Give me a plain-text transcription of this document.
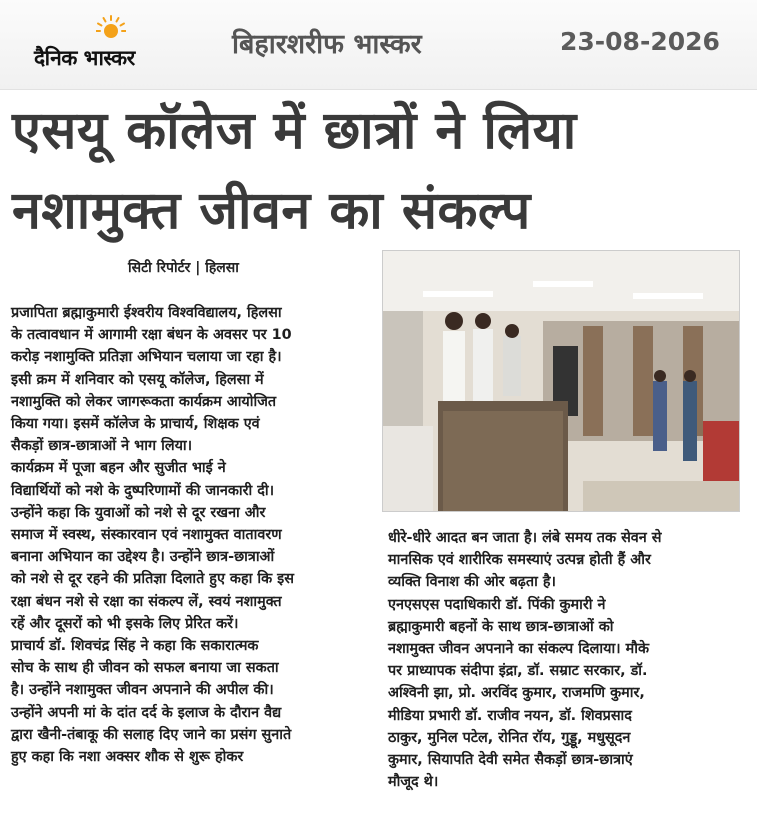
दैनिक भास्कर	बिहारशरीफ भास्कर	23-08-2026
एसयू कॉलेज में छात्रों ने लिया
नशामुक्त जीवन का संकल्प
सिटी रिपोर्टर | हिलसा

प्रजापिता ब्रह्माकुमारी ईश्वरीय विश्वविद्यालय, हिलसा

के तत्वावधान में आगामी रक्षा बंधन के अवसर पर 10

करोड़ नशामुक्ति प्रतिज्ञा अभियान चलाया जा रहा है।

इसी क्रम में शनिवार को एसयू कॉलेज, हिलसा में

नशामुक्ति को लेकर जागरूकता कार्यक्रम आयोजित

किया गया। इसमें कॉलेज के प्राचार्य, शिक्षक एवं

सैकड़ों छात्र-छात्राओं ने भाग लिया।

कार्यक्रम में पूजा बहन और सुजीत भाई ने

विद्यार्थियों को नशे के दुष्परिणामों की जानकारी दी।

उन्होंने कहा कि युवाओं को नशे से दूर रखना और

समाज में स्वस्थ, संस्कारवान एवं नशामुक्त वातावरण

बनाना अभियान का उद्देश्य है। उन्होंने छात्र-छात्राओं

को नशे से दूर रहने की प्रतिज्ञा दिलाते हुए कहा कि इस

रक्षा बंधन नशे से रक्षा का संकल्प लें, स्वयं नशामुक्त

रहें और दूसरों को भी इसके लिए प्रेरित करें।

प्राचार्य डॉ. शिवचंद्र सिंह ने कहा कि सकारात्मक

सोच के साथ ही जीवन को सफल बनाया जा सकता

है। उन्होंने नशामुक्त जीवन अपनाने की अपील की।

उन्होंने अपनी मां के दांत दर्द के इलाज के दौरान वैद्य

द्वारा खैनी-तंबाकू की सलाह दिए जाने का प्रसंग सुनाते

हुए कहा कि नशा अक्सर शौक से शुरू होकर

धीरे-धीरे आदत बन जाता है। लंबे समय तक सेवन से

मानसिक एवं शारीरिक समस्याएं उत्पन्न होती हैं और

व्यक्ति विनाश की ओर बढ़ता है।

एनएसएस पदाधिकारी डॉ. पिंकी कुमारी ने

ब्रह्माकुमारी बहनों के साथ छात्र-छात्राओं को

नशामुक्त जीवन अपनाने का संकल्प दिलाया। मौके

पर प्राध्यापक संदीपा इंद्रा, डॉ. सम्राट सरकार, डॉ.

अश्विनी झा, प्रो. अरविंद कुमार, राजमणि कुमार,

मीडिया प्रभारी डॉ. राजीव नयन, डॉ. शिवप्रसाद

ठाकुर, मुनिल पटेल, रोनित रॉय, गुड्डू, मधुसूदन

कुमार, सियापति देवी समेत सैकड़ों छात्र-छात्राएं

मौजूद थे।
